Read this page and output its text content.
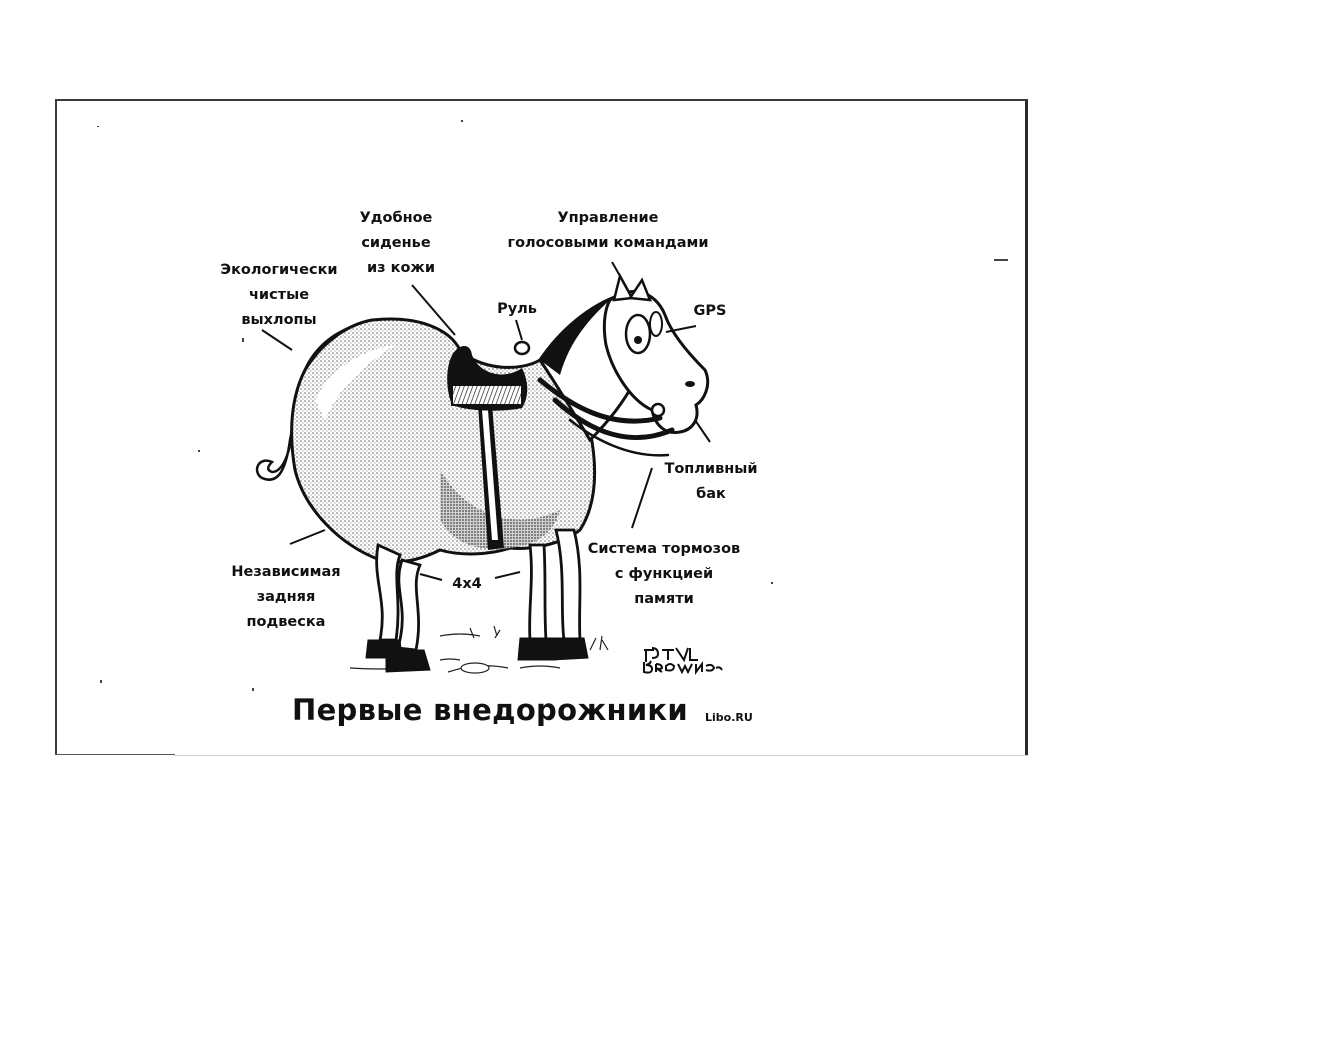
Экологически
чистые
выхлопы
Удобное
сиденье
из кожи
Управление
голосовыми командами
Руль	GPS
Топливный
бак
Система тормозов
с функцией
памяти
4x4
Независимая
задняя
подвеска
Первые внедорожники Libo.RU
